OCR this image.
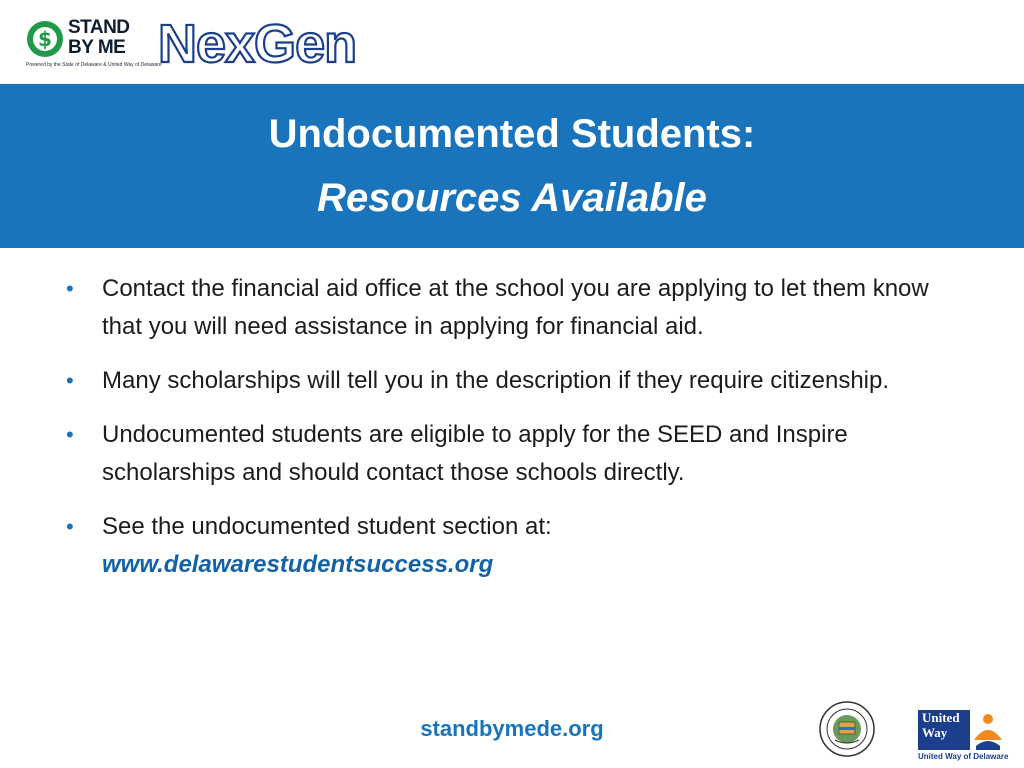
$ STAND
BY ME
Powered by the State of Delaware & United Way of Delaware
NexGen
Undocumented Students:
Resources Available
• Contact the financial aid office at the school you are applying to let them know that you will need assistance in applying for financial aid.
• Many scholarships will tell you in the description if they require citizenship.
• Undocumented students are eligible to apply for the SEED and Inspire scholarships and should contact those schools directly.
• See the undocumented student section at:
www.delawarestudentsuccess.org
standbymede.org	United
Way
United Way of Delaware
